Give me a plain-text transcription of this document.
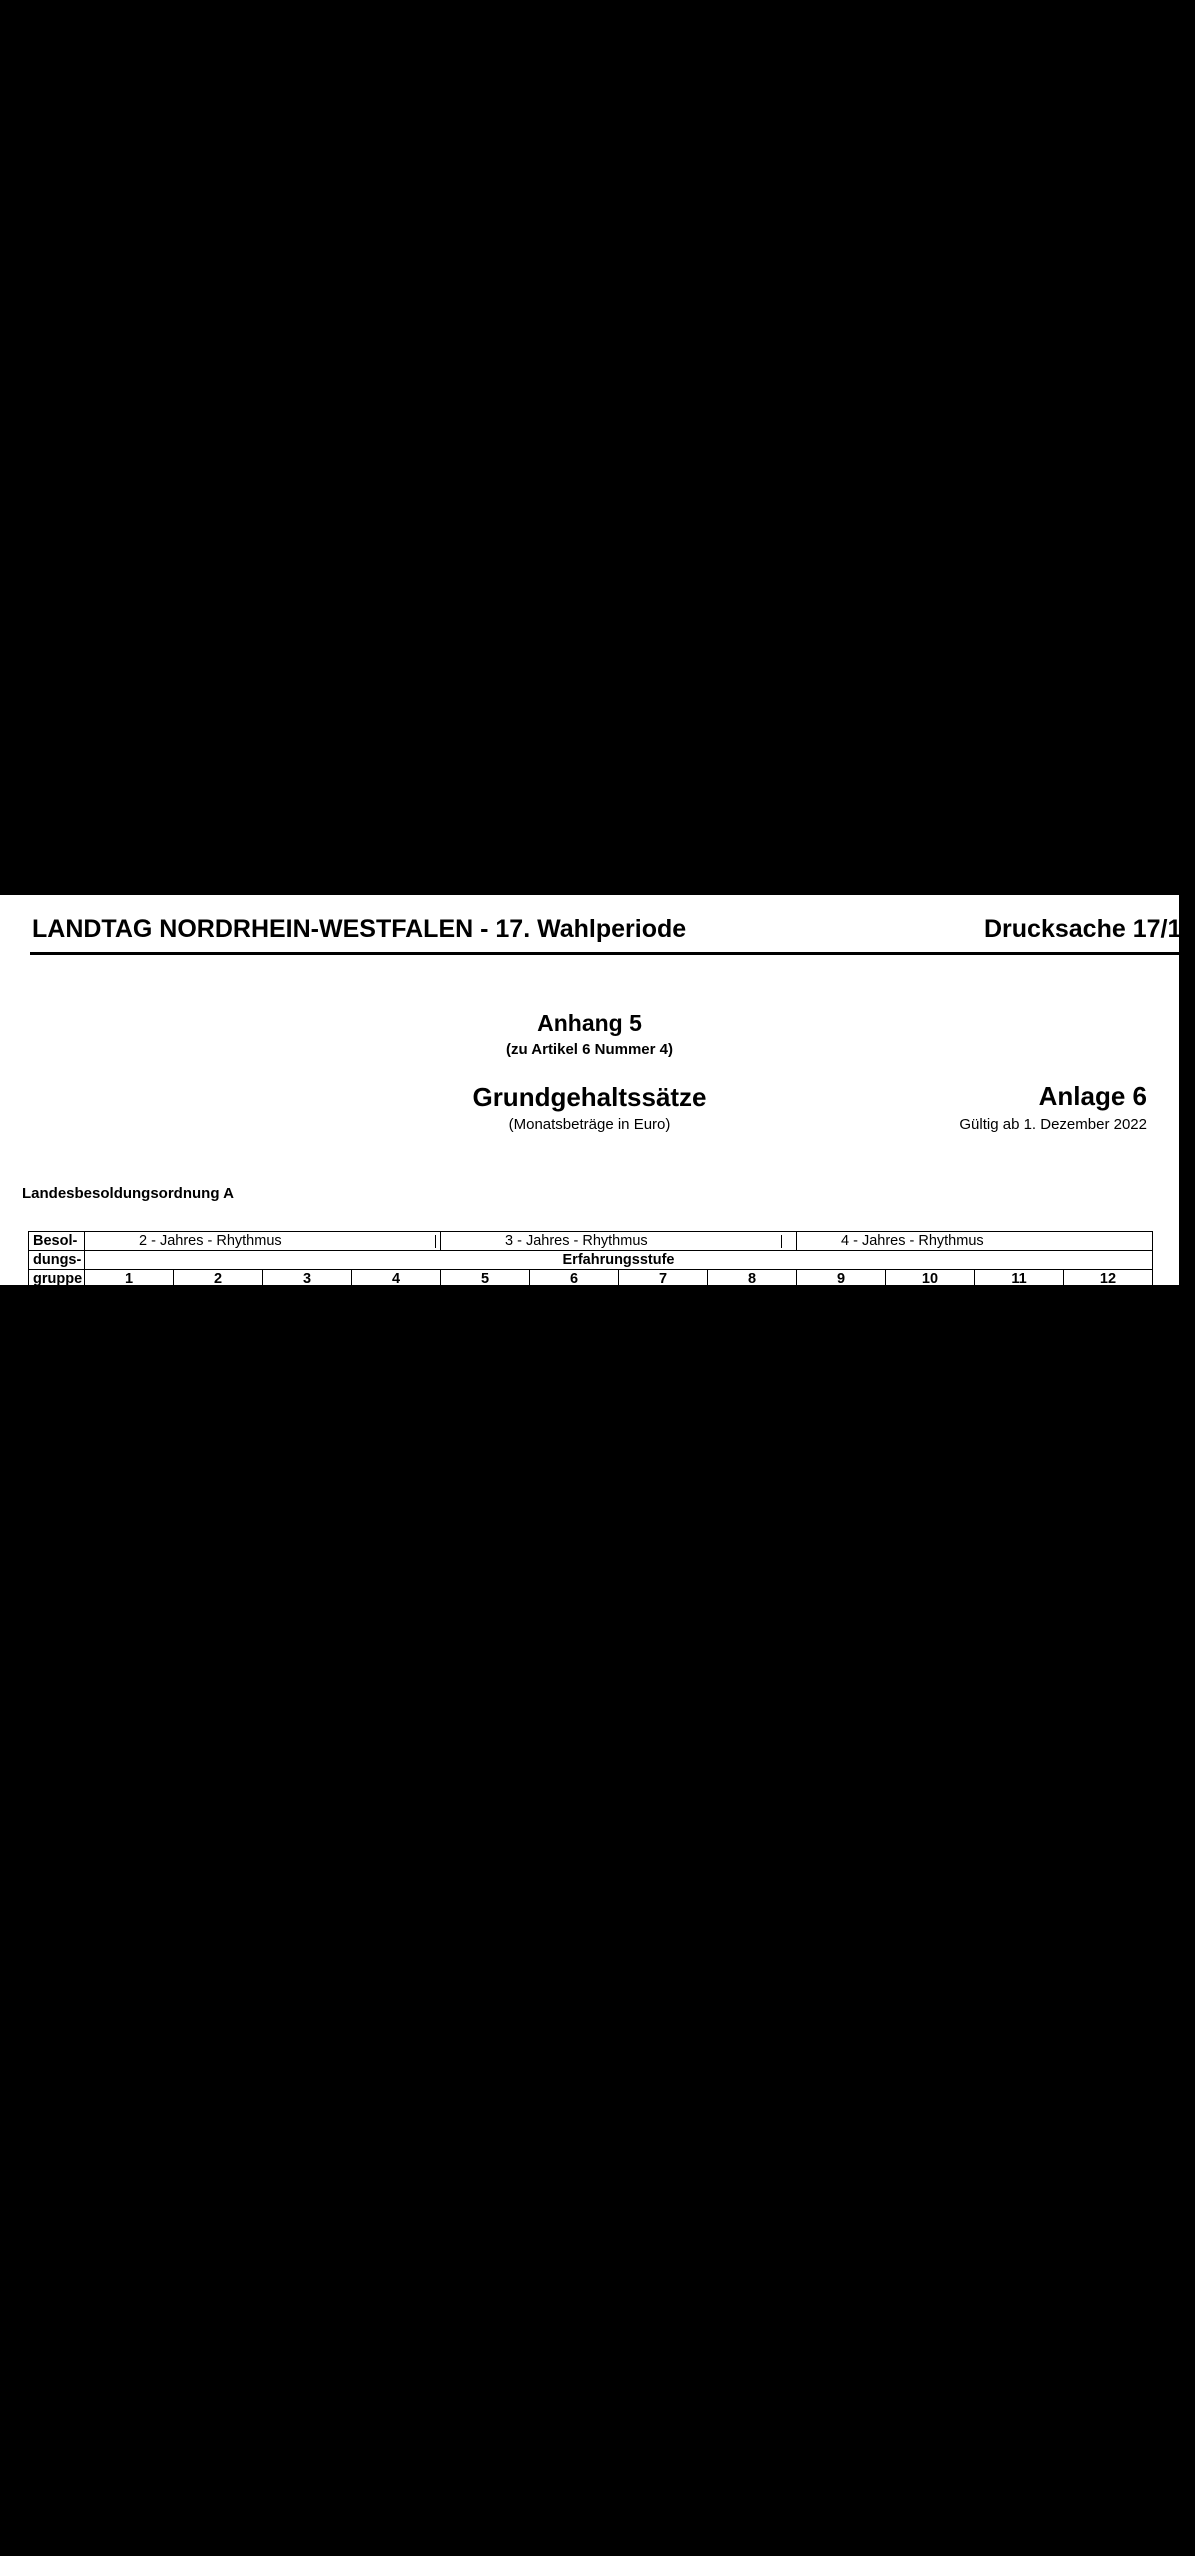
LANDTAG NORDRHEIN-WESTFALEN - 17. Wahlperiode	Drucksache 17/16
Anhang 5
(zu Artikel 6 Nummer 4)
Grundgehaltssätze
(Monatsbeträge in Euro)
Anlage 6
Gültig ab 1. Dezember 2022
Landesbesoldungsordnung A
Besol-	2 - Jahres - Rhythmus				3 - Jahres - Rhythmus				4 - Jahres - Rhythmus			
dungs-	Erfahrungsstufe											
gruppe	1	2	3	4	5	6	7	8	9	10	11	12
A 5			2621,19	2684,33	2747,46	2810,60	2873,73	2936,87	3000,03	3063,18		
A 6			2668,80	2738,11	2807,44	2876,78	2946,11	3015,42	3084,74	3154,04		
A 7			2748,92	2835,14	2921,34	3007,49	3093,71	3155,24	3216,82	3278,41		
A 8			2823,84	2934,29	3044,74	3155,20	3265,68	3339,30	3412,94	3486,60	3560,21	
A 9			2953,03	3069,51	3185,96	3302,44	3418,91	3498,93	3579,06	3659,11	3739,16	
A 10			3187,15	3336,34	3485,58	3634,79	3784,03	3883,51	3983,47	4085,21	4186,98	
A 11			3511,98	3660,44	3808,93	3957,42	4109,21	4210,44	4311,71	4414,36	4517,63	4620,95
A 12				3931,13	4111,51	4292,61	4476,27	4599,42	4722,56	4845,74	4968,91	5092,00
A 13					4588,38	4787,81	4987,26	5120,25	5253,21	5386,21	5519,21	5652,17
A 14					4872,00	5130,67	5389,29	5561,74	5734,16	5906,62	6079,06	6251,51
A 15						5628,53	5912,90	6140,39	6367,90	6595,43	6822,95	7050,45
A 16						6202,35	6531,20	6794,35	7057,49	7320,57	7583,72	7846,84
